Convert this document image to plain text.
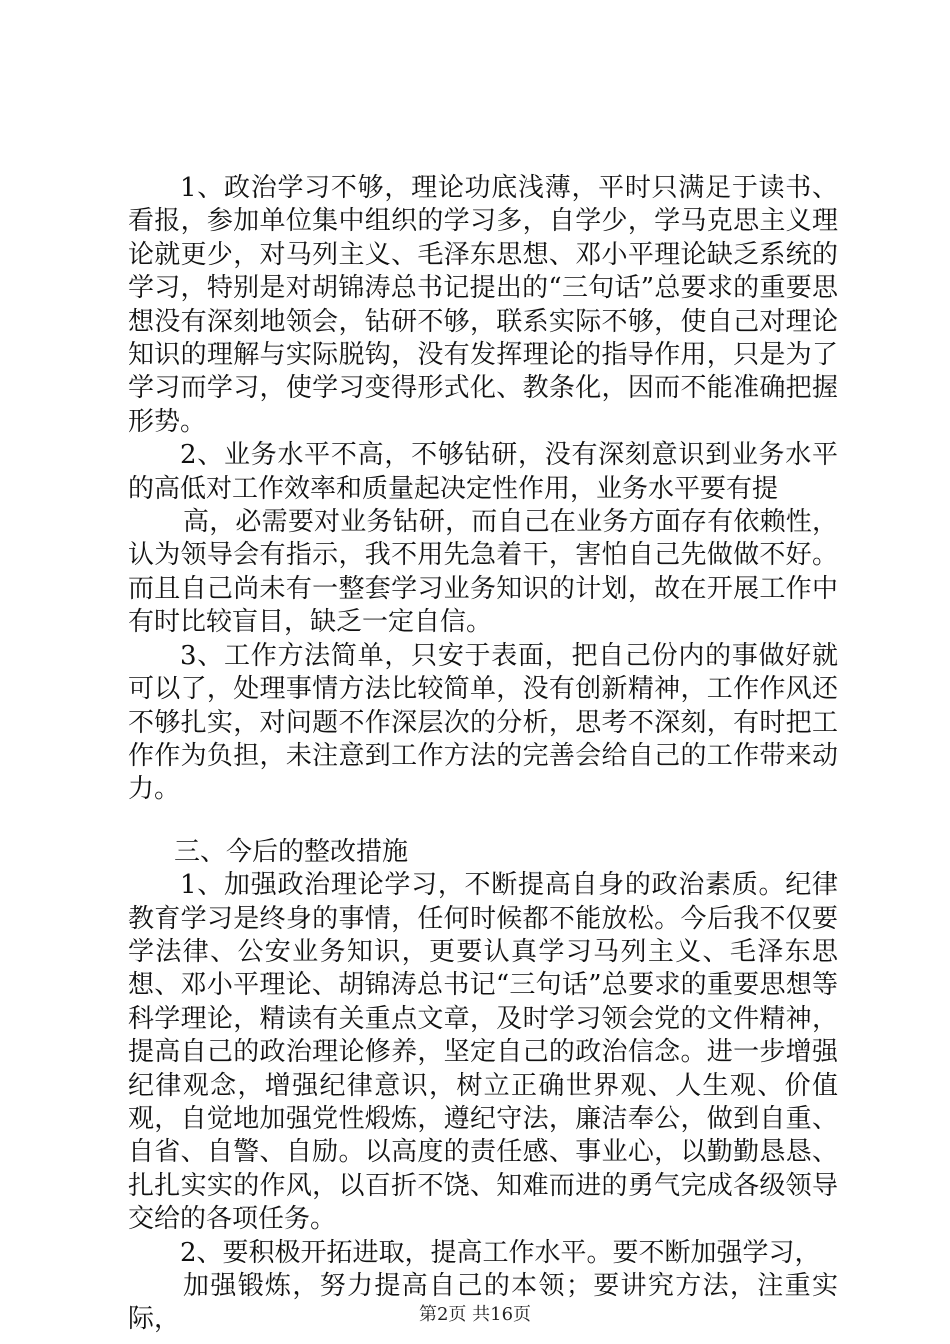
1、政治学习不够，理论功底浅薄，平时只满足于读书、看报，参加单位集中组织的学习多，自学少，学马克思主义理论就更少，对马列主义、毛泽东思想、邓小平理论缺乏系统的学习，特别是对胡锦涛总书记提出的“三句话”总要求的重要思想没有深刻地领会，钻研不够，联系实际不够，使自己对理论知识的理解与实际脱钩，没有发挥理论的指导作用，只是为了学习而学习，使学习变得形式化、教条化，因而不能准确把握形势。

2、业务水平不高，不够钻研，没有深刻意识到业务水平的高低对工作效率和质量起决定性作用，业务水平要有提

高，必需要对业务钻研，而自己在业务方面存有依赖性，认为领导会有指示，我不用先急着干，害怕自己先做做不好。而且自己尚未有一整套学习业务知识的计划，故在开展工作中有时比较盲目，缺乏一定自信。

3、工作方法简单，只安于表面，把自己份内的事做好就可以了，处理事情方法比较简单，没有创新精神，工作作风还不够扎实，对问题不作深层次的分析，思考不深刻，有时把工作作为负担，未注意到工作方法的完善会给自己的工作带来动力。

三、今后的整改措施

1、加强政治理论学习，不断提高自身的政治素质。纪律教育学习是终身的事情，任何时候都不能放松。今后我不仅要学法律、公安业务知识，更要认真学习马列主义、毛泽东思想、邓小平理论、胡锦涛总书记“三句话”总要求的重要思想等科学理论，精读有关重点文章，及时学习领会党的文件精神，提高自己的政治理论修养，坚定自己的政治信念。进一步增强纪律观念，增强纪律意识，树立正确世界观、人生观、价值观，自觉地加强党性煅炼，遵纪守法，廉洁奉公，做到自重、自省、自警、自励。以高度的责任感、事业心，以勤勤恳恳、扎扎实实的作风，以百折不饶、知难而进的勇气完成各级领导交给的各项任务。

2、要积极开拓进取，提高工作水平。要不断加强学习，

加强锻炼，努力提高自己的本领；要讲究方法，注重实际，	第2页 共16页
